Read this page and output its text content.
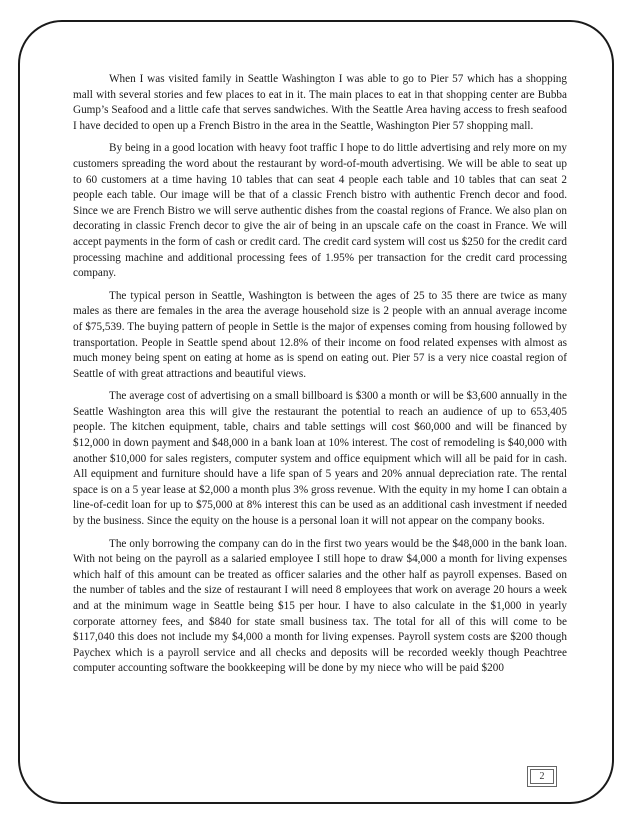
When I was visited family in Seattle Washington I was able to go to Pier 57 which has a shopping mall with several stories and few places to eat in it. The main places to eat in that shopping center are Bubba Gump’s Seafood and a little cafe that serves sandwiches. With the Seattle Area having access to fresh seafood I have decided to open up a French Bistro in the area in the Seattle, Washington Pier 57 shopping mall.

By being in a good location with heavy foot traffic I hope to do little advertising and rely more on my customers spreading the word about the restaurant by word-of-mouth advertising. We will be able to seat up to 60 customers at a time having 10 tables that can seat 4 people each table and 10 tables that can seat 2 people each table. Our image will be that of a classic French bistro with authentic French decor and food. Since we are French Bistro we will serve authentic dishes from the coastal regions of France. We also plan on decorating in classic French decor to give the air of being in an upscale cafe on the coast in France. We will accept payments in the form of cash or credit card. The credit card system will cost us $250 for the credit card processing machine and additional processing fees of 1.95% per transaction for the credit card processing company.

The typical person in Seattle, Washington is between the ages of 25 to 35 there are twice as many males as there are females in the area the average household size is 2 people with an annual average income of $75,539. The buying pattern of people in Settle is the major of expenses coming from housing followed by transportation. People in Seattle spend about 12.8% of their income on food related expenses with almost as much money being spent on eating at home as is spend on eating out. Pier 57 is a very nice coastal region of Seattle of with great attractions and beautiful views.

The average cost of advertising on a small billboard is $300 a month or will be $3,600 annually in the Seattle Washington area this will give the restaurant the potential to reach an audience of up to 653,405 people. The kitchen equipment, table, chairs and table settings will cost $60,000 and will be financed by $12,000 in down payment and $48,000 in a bank loan at 10% interest. The cost of remodeling is $40,000 with another $10,000 for sales registers, computer system and office equipment which will all be paid for in cash. All equipment and furniture should have a life span of 5 years and 20% annual depreciation rate. The rental space is on a 5 year lease at $2,000 a month plus 3% gross revenue. With the equity in my home I can obtain a line-of-cedit loan for up to $75,000 at 8% interest this can be used as an additional cash investment if needed by the business. Since the equity on the house is a personal loan it will not appear on the company books.

The only borrowing the company can do in the first two years would be the $48,000 in the bank loan. With not being on the payroll as a salaried employee I still hope to draw $4,000 a month for living expenses which half of this amount can be treated as officer salaries and the other half as payroll expenses. Based on the number of tables and the size of restaurant I will need 8 employees that work on average 20 hours a week and at the minimum wage in Seattle being $15 per hour. I have to also calculate in the $1,000 in yearly corporate attorney fees, and $840 for state small business tax. The total for all of this will come to be $117,040 this does not include my $4,000 a month for living expenses. Payroll system costs are $200 though Paychex which is a payroll service and all checks and deposits will be recorded weekly though Peachtree computer accounting software the bookkeeping will be done by my niece who will be paid $200

2
